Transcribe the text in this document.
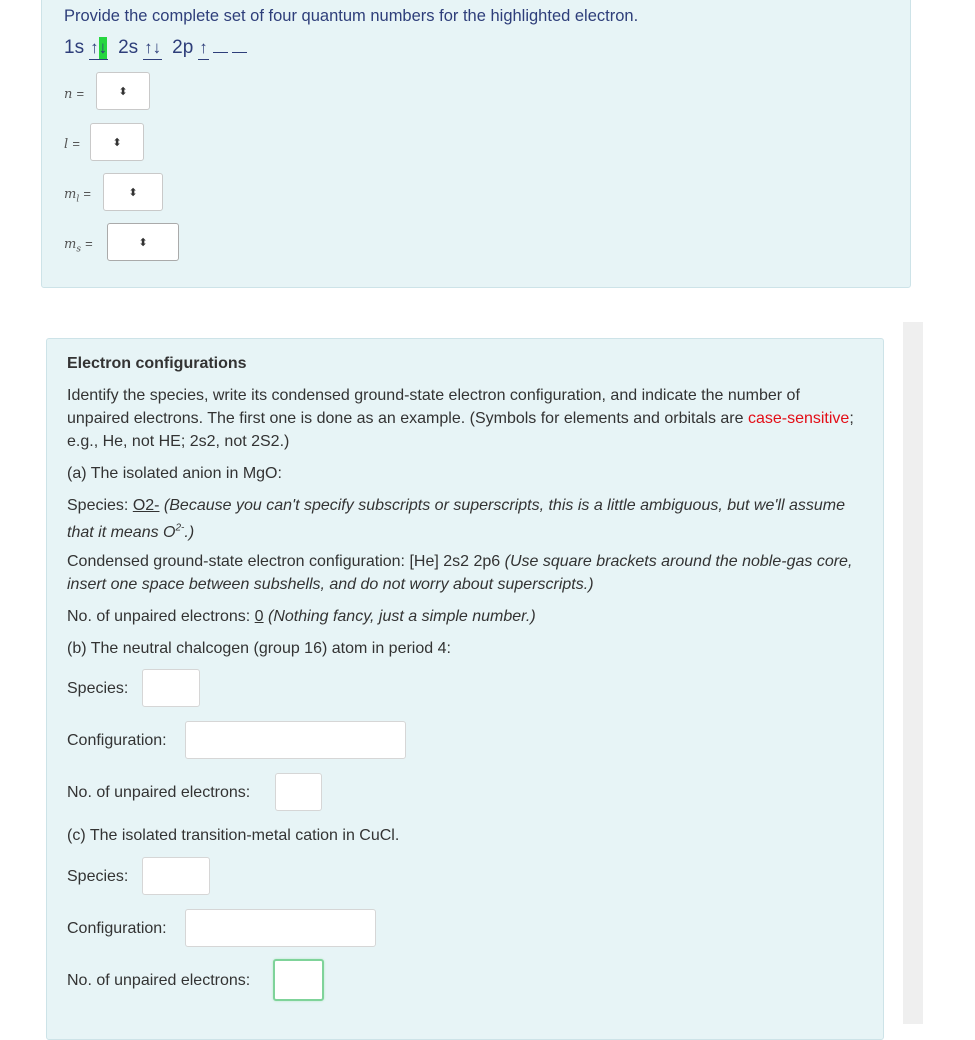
Provide the complete set of four quantum numbers for the highlighted electron.
1s ↑↓ 2s ↑↓ 2p ↑
n =	⬍
l =	⬍
$m_l$ =	⬍
$m_s$ =	⬍
Electron configurations
Identify the species, write its condensed ground-state electron configuration, and indicate the number of unpaired electrons. The first one is done as an example. (Symbols for elements and orbitals are case-sensitive; e.g., He, not HE; 2s2, not 2S2.)
(a) The isolated anion in MgO:
Species: O2- (Because you can't specify subscripts or superscripts, this is a little ambiguous, but we'll assume that it means $O^{2-}$.)
Condensed ground-state electron configuration: [He] 2s2 2p6 (Use square brackets around the noble-gas core, insert one space between subshells, and do not worry about superscripts.)
No. of unpaired electrons: 0 (Nothing fancy, just a simple number.)
(b) The neutral chalcogen (group 16) atom in period 4:
Species:
Configuration:
No. of unpaired electrons:
(c) The isolated transition-metal cation in CuCl.
Species:
Configuration:
No. of unpaired electrons:
